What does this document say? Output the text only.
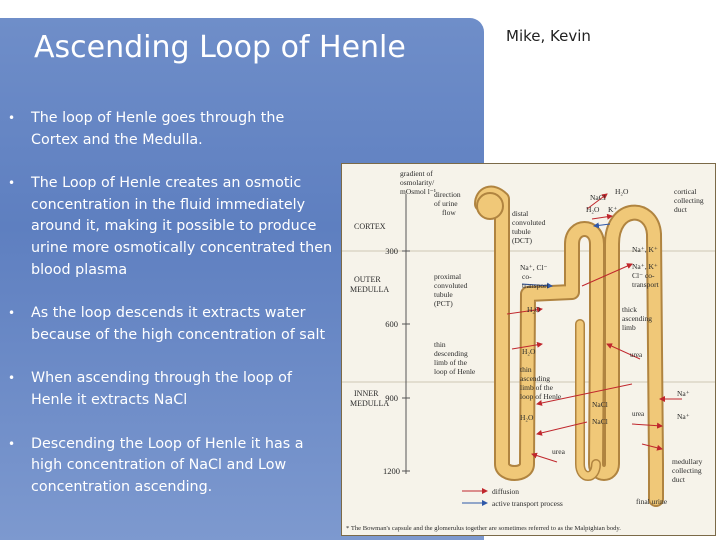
Ascending Loop of Henle	Mike, Kevin
• The loop of Henle goes through the Cortex and the Medulla.
• The Loop of Henle creates an osmotic concentration in the fluid immediately around it, making it possible to produce urine more osmotically concentrated then blood plasma
• As the loop descends it extracts water because of the high concentration of salt
• When ascending through the loop of Henle it extracts NaCl
• Descending the Loop of Henle it has a high concentration of NaCl and Low concentration ascending.
300
600
900
1200
gradient of
osmolarity/
mOsmol l⁻¹
CORTEX
OUTER
MEDULLA
INNER
MEDULLA
direction
of urine
flow	distal
convoluted
tubule
(DCT)
proximal
convoluted
tubule
(PCT)
cortical
collecting
duct
thick
ascending
limb
thin
descending
limb of the
loop of Henle	thin
ascending
limb of the
loop of Henle
medullary
collecting
duct
final urine
NaCl
H₂O
H₂O K⁺
Na⁺, K⁺
Na⁺, K⁺
Cl⁻ co-
transport
Na⁺, Cl⁻
co-
transport
H₂O
urea
H₂O
NaCl
Na⁺
H₂O	NaCl
urea	Na⁺
urea
diffusion
active transport process
* The Bowman's capsule and the glomerulus together are sometimes referred to as the Malpighian body.
